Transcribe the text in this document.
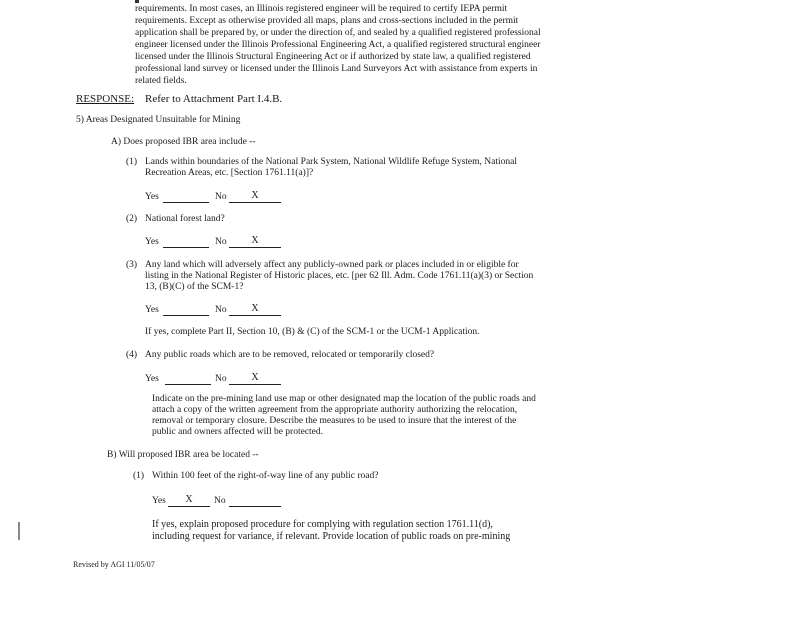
requirements. In most cases, an Illinois registered engineer will be required to certify IEPA permit
requirements. Except as otherwise provided all maps, plans and cross-sections included in the permit
application shall be prepared by, or under the direction of, and sealed by a qualified registered professional
engineer licensed under the Illinois Professional Engineering Act, a qualified registered structural engineer
licensed under the Illinois Structural Engineering Act or if authorized by state law, a qualified registered
professional land survey or licensed under the Illinois Land Surveyors Act with assistance from experts in
related fields.
RESPONSE: Refer to Attachment Part I.4.B.
5) Areas Designated Unsuitable for Mining
A) Does proposed IBR area include --
(1) Lands within boundaries of the National Park System, National Wildlife Refuge System, National
Recreation Areas, etc. [Section 1761.11(a)]?
Yes	No	X
(2) National forest land?
Yes	No	X
(3) Any land which will adversely affect any publicly-owned park or places included in or eligible for
listing in the National Register of Historic places, etc. [per 62 Ill. Adm. Code 1761.11(a)(3) or Section
13, (B)(C) of the SCM-1?
Yes	No	X
If yes, complete Part II, Section 10, (B) & (C) of the SCM-1 or the UCM-1 Application.
(4) Any public roads which are to be removed, relocated or temporarily closed?
Yes	No	X
Indicate on the pre-mining land use map or other designated map the location of the public roads and
attach a copy of the written agreement from the appropriate authority authorizing the relocation,
removal or temporary closure. Describe the measures to be used to insure that the interest of the
public and owners affected will be protected.
B) Will proposed IBR area be located --
(1) Within 100 feet of the right-of-way line of any public road?
Yes	X	No
If yes, explain proposed procedure for complying with regulation section 1761.11(d),
including request for variance, if relevant. Provide location of public roads on pre-mining
Revised by AGI 11/05/07
